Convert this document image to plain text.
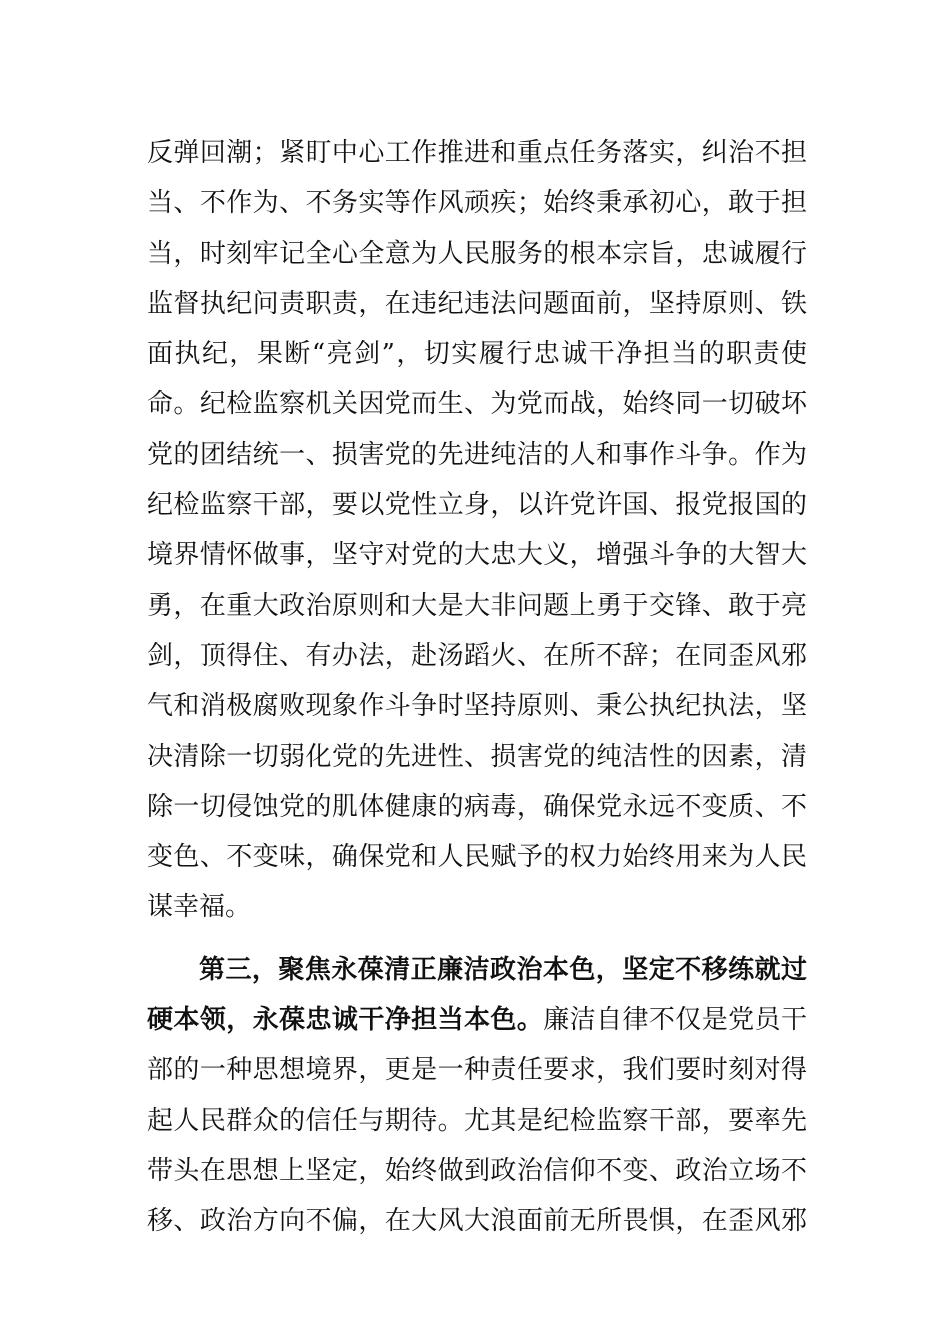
反弹回潮；紧盯中心工作推进和重点任务落实，纠治不担
当、不作为、不务实等作风顽疾；始终秉承初心，敢于担
当，时刻牢记全心全意为人民服务的根本宗旨，忠诚履行
监督执纪问责职责，在违纪违法问题面前，坚持原则、铁
面执纪，果断“亮剑”，切实履行忠诚干净担当的职责使
命。纪检监察机关因党而生、为党而战，始终同一切破坏
党的团结统一、损害党的先进纯洁的人和事作斗争。作为
纪检监察干部，要以党性立身，以许党许国、报党报国的
境界情怀做事，坚守对党的大忠大义，增强斗争的大智大
勇，在重大政治原则和大是大非问题上勇于交锋、敢于亮
剑，顶得住、有办法，赴汤蹈火、在所不辞；在同歪风邪
气和消极腐败现象作斗争时坚持原则、秉公执纪执法，坚
决清除一切弱化党的先进性、损害党的纯洁性的因素，清
除一切侵蚀党的肌体健康的病毒，确保党永远不变质、不
变色、不变味，确保党和人民赋予的权力始终用来为人民
谋幸福。
第三，聚焦永葆清正廉洁政治本色，坚定不移练就过
硬本领，永葆忠诚干净担当本色。廉洁自律不仅是党员干
部的一种思想境界，更是一种责任要求，我们要时刻对得
起人民群众的信任与期待。尤其是纪检监察干部，要率先
带头在思想上坚定，始终做到政治信仰不变、政治立场不
移、政治方向不偏，在大风大浪面前无所畏惧，在歪风邪
